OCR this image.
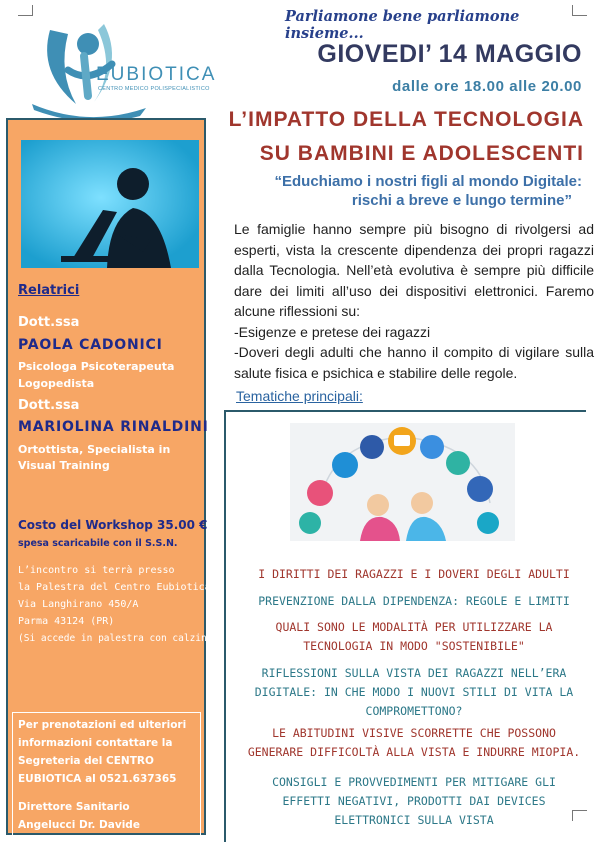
EUBIOTICA
CENTRO MEDICO POLISPECIALISTICO
Relatrici
Dott.ssa
PAOLA CADONICI
Psicologa Psicoterapeuta
Logopedista
Dott.ssa
MARIOLINA RINALDINI
Ortottista, Specialista in Visual Training
Costo del Workshop 35.00 €
spesa scaricabile con il S.S.N.
L’incontro si terrà presso
la Palestra del Centro Eubiotica
Via Langhirano 450/A
Parma 43124 (PR)
(Si accede in palestra con calzine)
Per prenotazioni ed ulteriori
informazioni contattare la
Segreteria del CENTRO
EUBIOTICA al 0521.637365
Direttore Sanitario
Angelucci Dr. Davide
Parliamone bene parliamone insieme...
GIOVEDI’ 14 MAGGIO
dalle ore 18.00 alle 20.00
L’IMPATTO DELLA TECNOLOGIA
SU BAMBINI E ADOLESCENTI
“Educhiamo i nostri figli al mondo Digitale:
rischi a breve e lungo termine”
Le famiglie hanno sempre più bisogno di rivolgersi ad esperti, vista la crescente dipendenza dei propri ragazzi dalla Tecnologia. Nell’età evolutiva è sempre più difficile dare dei limiti all’uso dei dispositivi elettronici. Faremo alcune riflessioni su:
-Esigenze e pretese dei ragazzi
-Doveri degli adulti che hanno il compito di vigilare sulla salute fisica e psichica e stabilire delle regole.
Tematiche principali:
I DIRITTI DEI RAGAZZI E I DOVERI DEGLI ADULTI
PREVENZIONE DALLA DIPENDENZA: REGOLE E LIMITI
QUALI SONO LE MODALITÀ PER UTILIZZARE LA
TECNOLOGIA IN MODO "SOSTENIBILE"
RIFLESSIONI SULLA VISTA DEI RAGAZZI NELL’ERA
DIGITALE: IN CHE MODO I NUOVI STILI DI VITA LA
COMPROMETTONO?
LE ABITUDINI VISIVE SCORRETTE CHE POSSONO
GENERARE DIFFICOLTÀ ALLA VISTA E INDURRE MIOPIA.
CONSIGLI E PROVVEDIMENTI PER MITIGARE GLI
EFFETTI NEGATIVI, PRODOTTI DAI DEVICES
ELETTRONICI SULLA VISTA
